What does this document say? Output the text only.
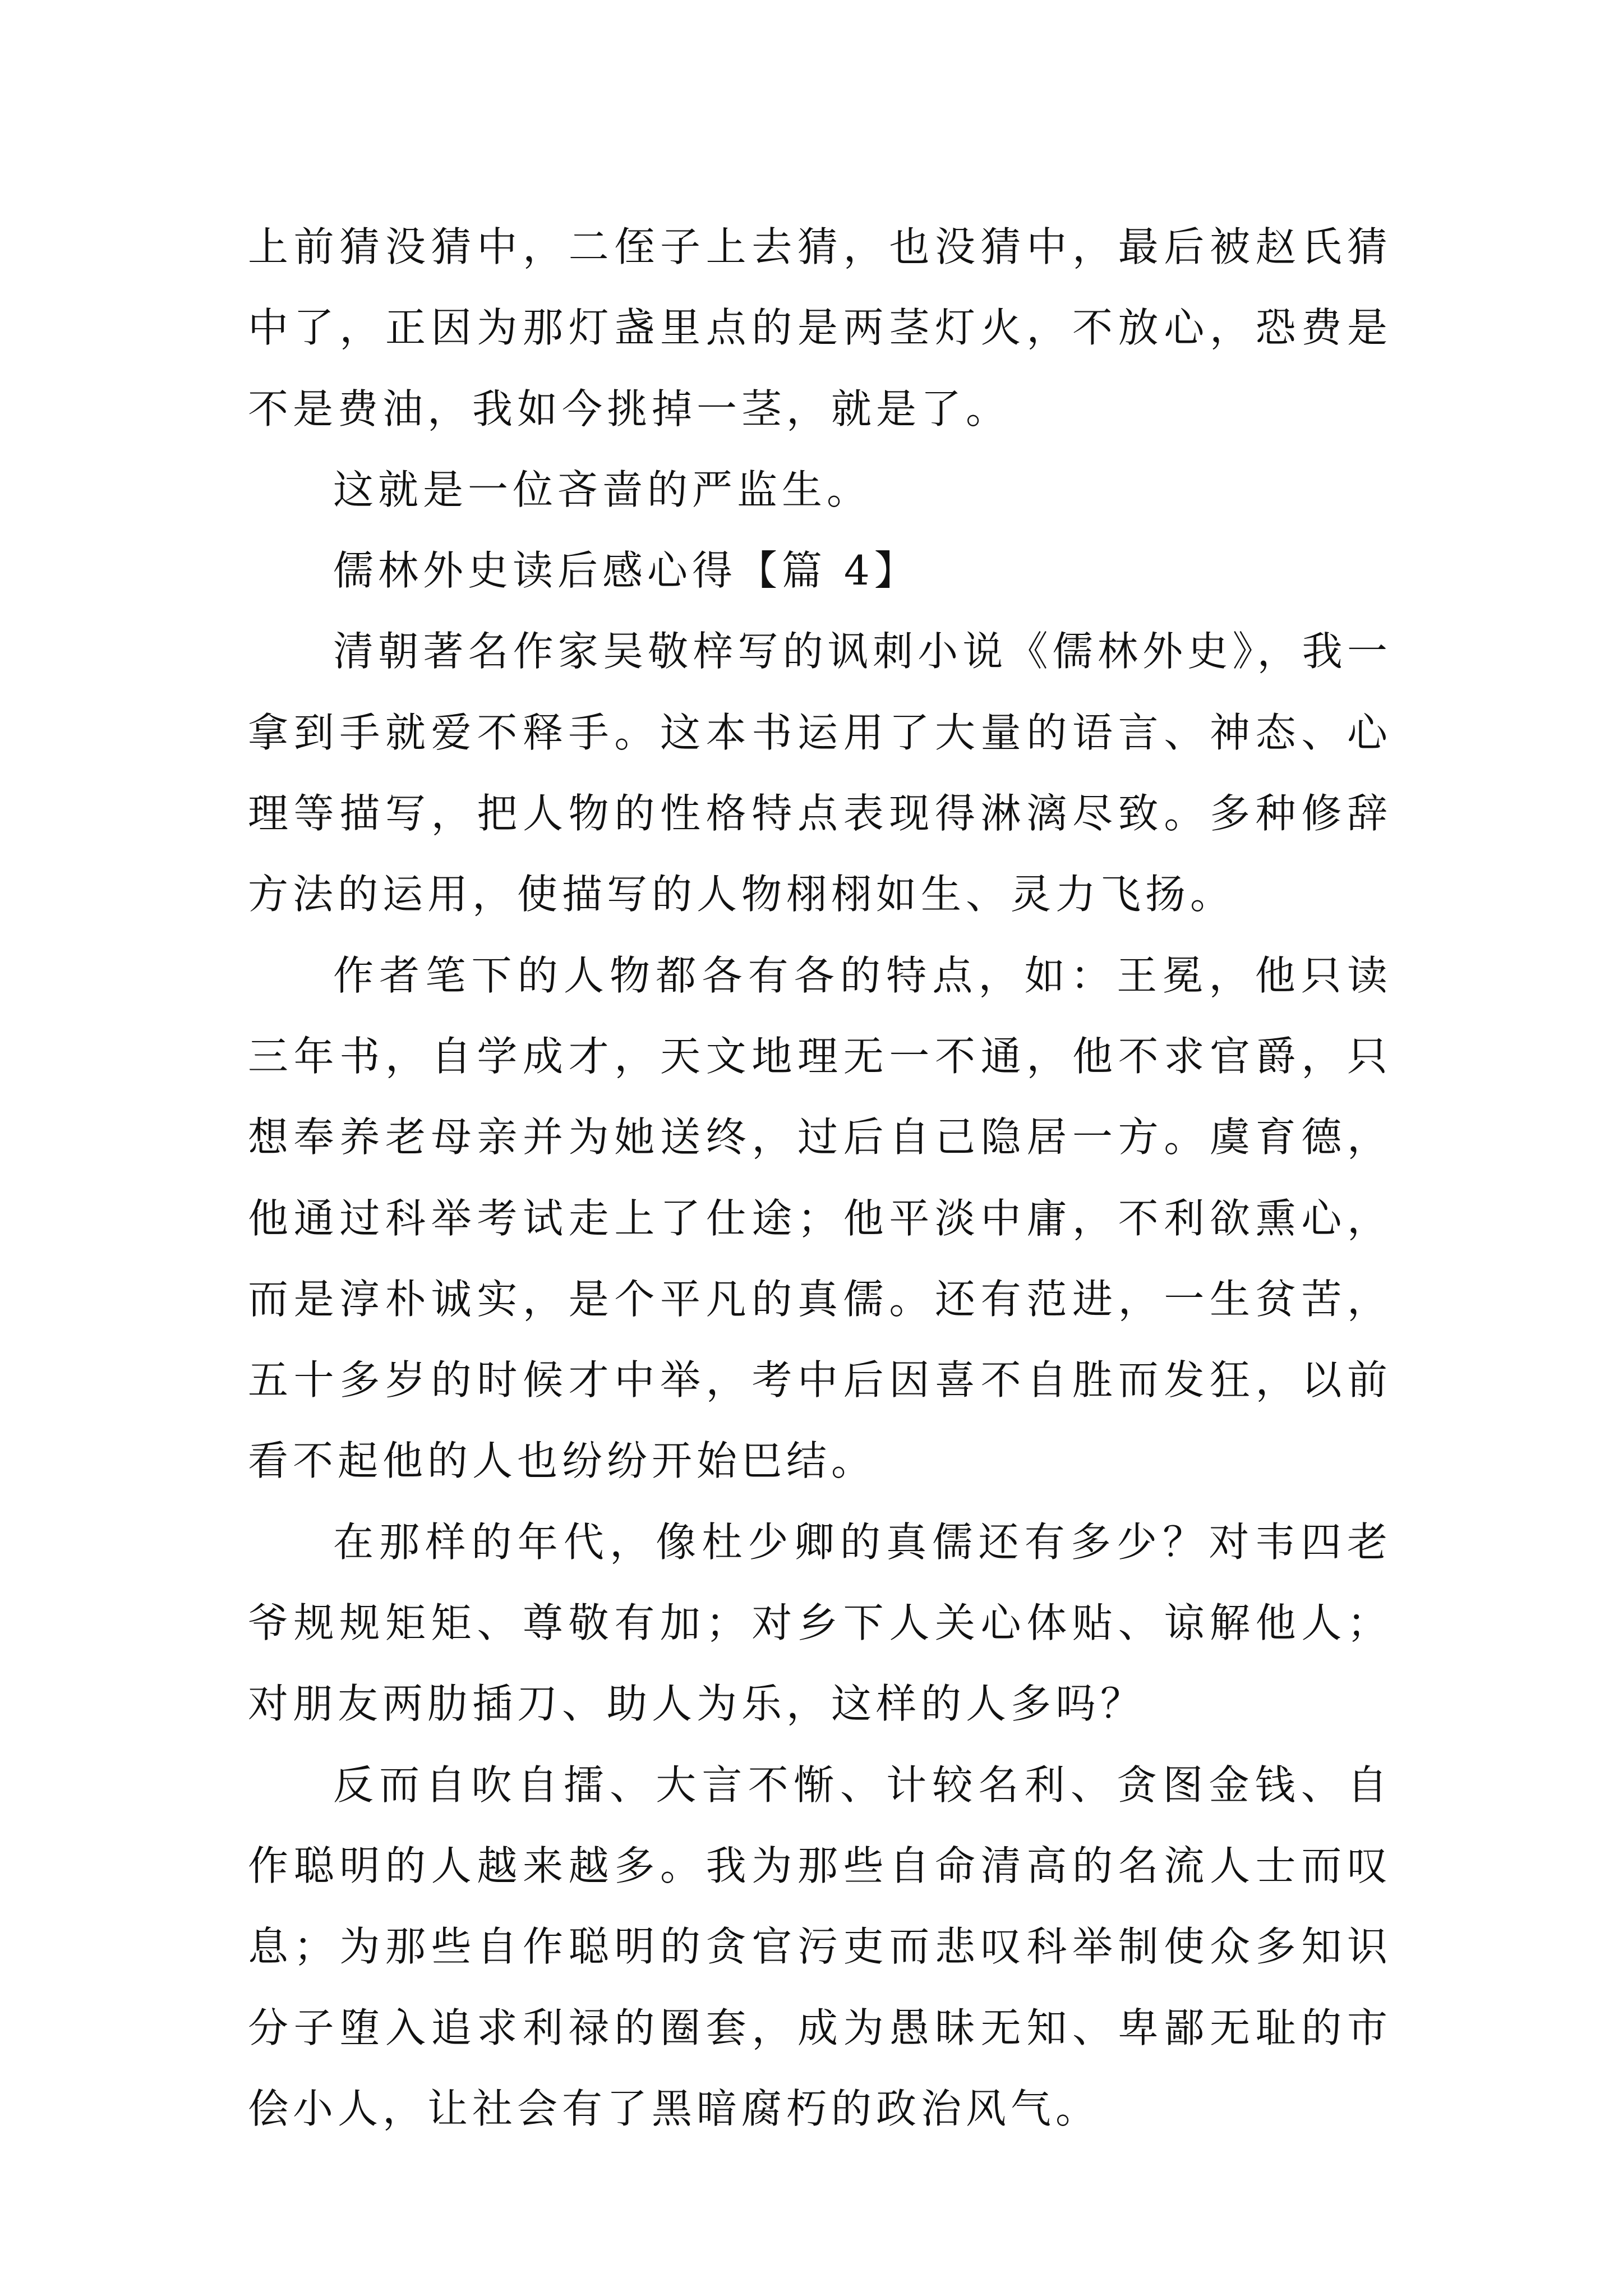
上前猜没猜中，二侄子上去猜，也没猜中，最后被赵氏猜中了，正因为那灯盏里点的是两茎灯火，不放心，恐费是不是费油，我如今挑掉一茎，就是了。

这就是一位吝啬的严监生。

儒林外史读后感心得【篇 4】

清朝著名作家吴敬梓写的讽刺小说《儒林外史》，我一拿到手就爱不释手。这本书运用了大量的语言、神态、心理等描写，把人物的性格特点表现得淋漓尽致。多种修辞方法的运用，使描写的人物栩栩如生、灵力飞扬。

作者笔下的人物都各有各的特点，如：王冕，他只读三年书，自学成才，天文地理无一不通，他不求官爵，只想奉养老母亲并为她送终，过后自己隐居一方。虞育德，他通过科举考试走上了仕途；他平淡中庸，不利欲熏心，而是淳朴诚实，是个平凡的真儒。还有范进，一生贫苦，五十多岁的时候才中举，考中后因喜不自胜而发狂，以前看不起他的人也纷纷开始巴结。

在那样的年代，像杜少卿的真儒还有多少？对韦四老爷规规矩矩、尊敬有加；对乡下人关心体贴、谅解他人；对朋友两肋插刀、助人为乐，这样的人多吗？

反而自吹自擂、大言不惭、计较名利、贪图金钱、自作聪明的人越来越多。我为那些自命清高的名流人士而叹息；为那些自作聪明的贪官污吏而悲叹科举制使众多知识分子堕入追求利禄的圈套，成为愚昧无知、卑鄙无耻的市侩小人，让社会有了黑暗腐朽的政治风气。
